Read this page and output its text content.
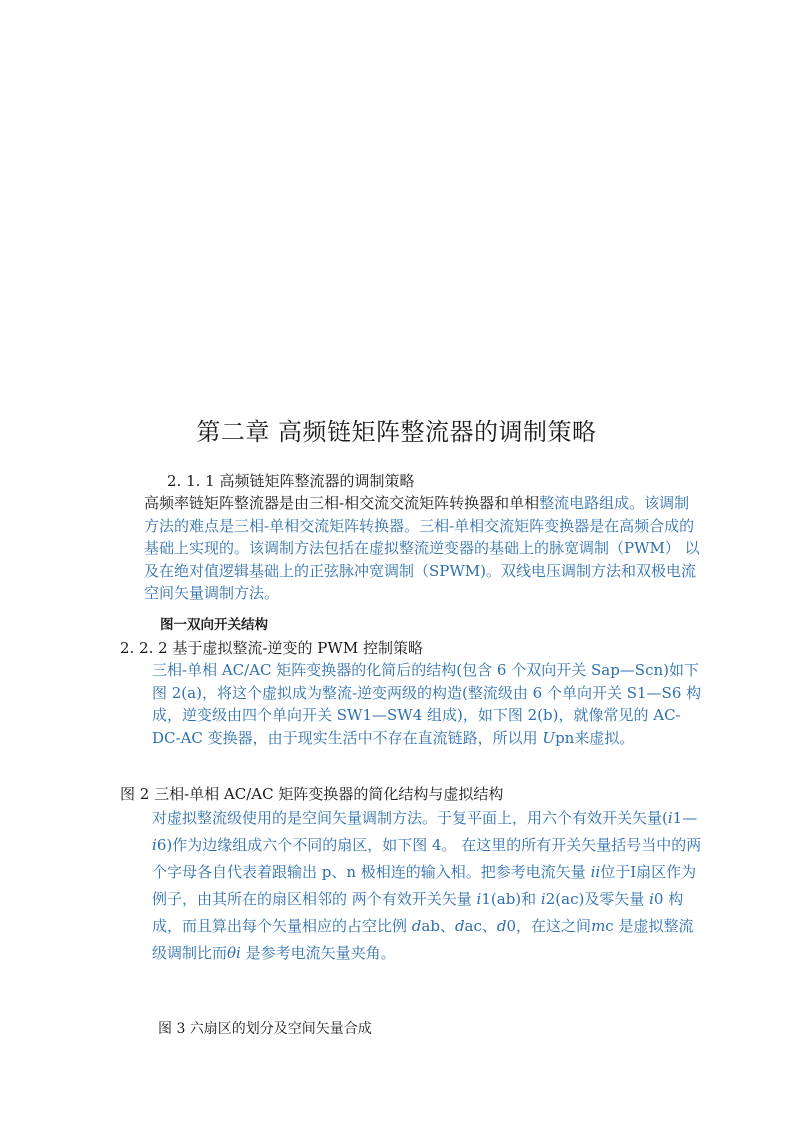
第二章 高频链矩阵整流器的调制策略
2. 1. 1 高频链矩阵整流器的调制策略

高频率链矩阵整流器是由三相-相交流交流矩阵转换器和单相整流电路组成。该调制方法的难点是三相-单相交流矩阵转换器。三相-单相交流矩阵变换器是在高频合成的基础上实现的。该调制方法包括在虚拟整流逆变器的基础上的脉宽调制（PWM） 以及在绝对值逻辑基础上的正弦脉冲宽调制（SPWM)。双线电压调制方法和双极电流空间矢量调制方法。

图一双向开关结构
2. 2. 2 基于虚拟整流-逆变的 PWM 控制策略

三相-单相 AC/AC 矩阵变换器的化简后的结构(包含 6 个双向开关 Sap—Scn)如下图 2(a)，将这个虚拟成为整流-逆变两级的构造(整流级由 6 个单向开关 S1—S6 构成，逆变级由四个单向开关 SW1—SW4 组成)，如下图 2(b)，就像常见的 AC-DC-AC 变换器，由于现实生活中不存在直流链路，所以用 Upn来虚拟。

图 2 三相-单相 AC/AC 矩阵变换器的简化结构与虚拟结构

对虚拟整流级使用的是空间矢量调制方法。于复平面上，用六个有效开关矢量(i1—i6)作为边缘组成六个不同的扇区，如下图 4。 在这里的所有开关矢量括号当中的两个字母各自代表着跟输出 p、n 极相连的输入相。把参考电流矢量 ii位于Ⅰ扇区作为例子，由其所在的扇区相邻的 两个有效开关矢量 i1(ab)和 i2(ac)及零矢量 i0 构成，而且算出每个矢量相应的占空比例 dab、dac、d0，在这之间mc 是虚拟整流级调制比而θi 是参考电流矢量夹角。

图 3 六扇区的划分及空间矢量合成
